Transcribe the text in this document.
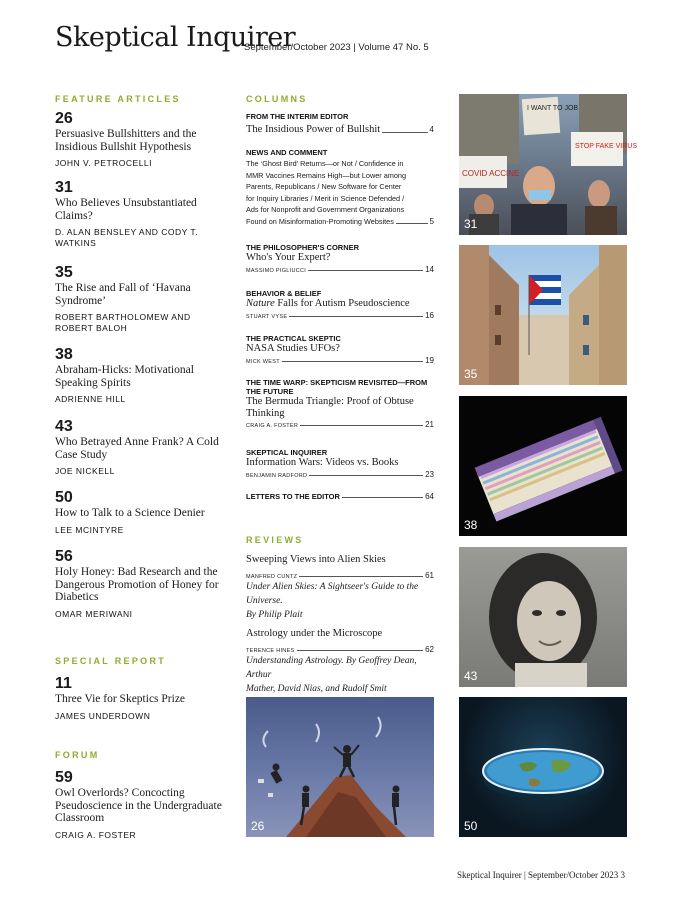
Skeptical Inquirer
September/October 2023 | Volume 47 No. 5
FEATURE ARTICLES
26
Persuasive Bullshitters and the Insidious Bullshit Hypothesis
JOHN V. PETROCELLI
31
Who Believes Unsubstantiated Claims?
D. ALAN BENSLEY AND CODY T. WATKINS
35
The Rise and Fall of ‘Havana Syndrome’
ROBERT BARTHOLOMEW AND ROBERT BALOH
38
Abraham-Hicks: Motivational Speaking Spirits
ADRIENNE HILL
43
Who Betrayed Anne Frank? A Cold Case Study
JOE NICKELL
50
How to Talk to a Science Denier
LEE MCINTYRE
56
Holy Honey: Bad Research and the Dangerous Promotion of Honey for Diabetics
OMAR MERIWANI
SPECIAL REPORT
11
Three Vie for Skeptics Prize
JAMES UNDERDOWN
FORUM
59
Owl Overlords? Concocting Pseudoscience in the Undergraduate Classroom
CRAIG A. FOSTER
COLUMNS
FROM THE INTERIM EDITOR
The Insidious Power of Bullshit	4
NEWS AND COMMENT
The ‘Ghost Bird’ Returns—or Not / Confidence in
MMR Vaccines Remains High—but Lower among
Parents, Republicans / New Software for Center
for Inquiry Libraries / Merit in Science Defended /
Ads for Nonprofit and Government Organizations
Found on Misinformation-Promoting Websites	5
THE PHILOSOPHER'S CORNER
Who's Your Expert?
MASSIMO PIGLIUCCI	14
BEHAVIOR & BELIEF
Nature Falls for Autism Pseudoscience
STUART VYSE	16
THE PRACTICAL SKEPTIC
NASA Studies UFOs?
MICK WEST	19
THE TIME WARP: SKEPTICISM REVISITED—FROM THE FUTURE
The Bermuda Triangle: Proof of Obtuse
Thinking
CRAIG A. FOSTER	21
SKEPTICAL INQUIRER
Information Wars: Videos vs. Books
BENJAMIN RADFORD	23
LETTERS TO THE EDITOR	64
REVIEWS
Sweeping Views into Alien Skies
MANFRED CUNTZ	61
Under Alien Skies: A Sightseer's Guide to the Universe.
By Philip Plait
Astrology under the Microscope
TERENCE HINES	62
Understanding Astrology. By Geoffrey Dean, Arthur
Mather, David Nias, and Rudolf Smit
26
I WANT TO JOB
STOP FAKE VIRUS
COVID ACCINE
31
35
38
43
50
Skeptical Inquirer | September/October 2023 3
